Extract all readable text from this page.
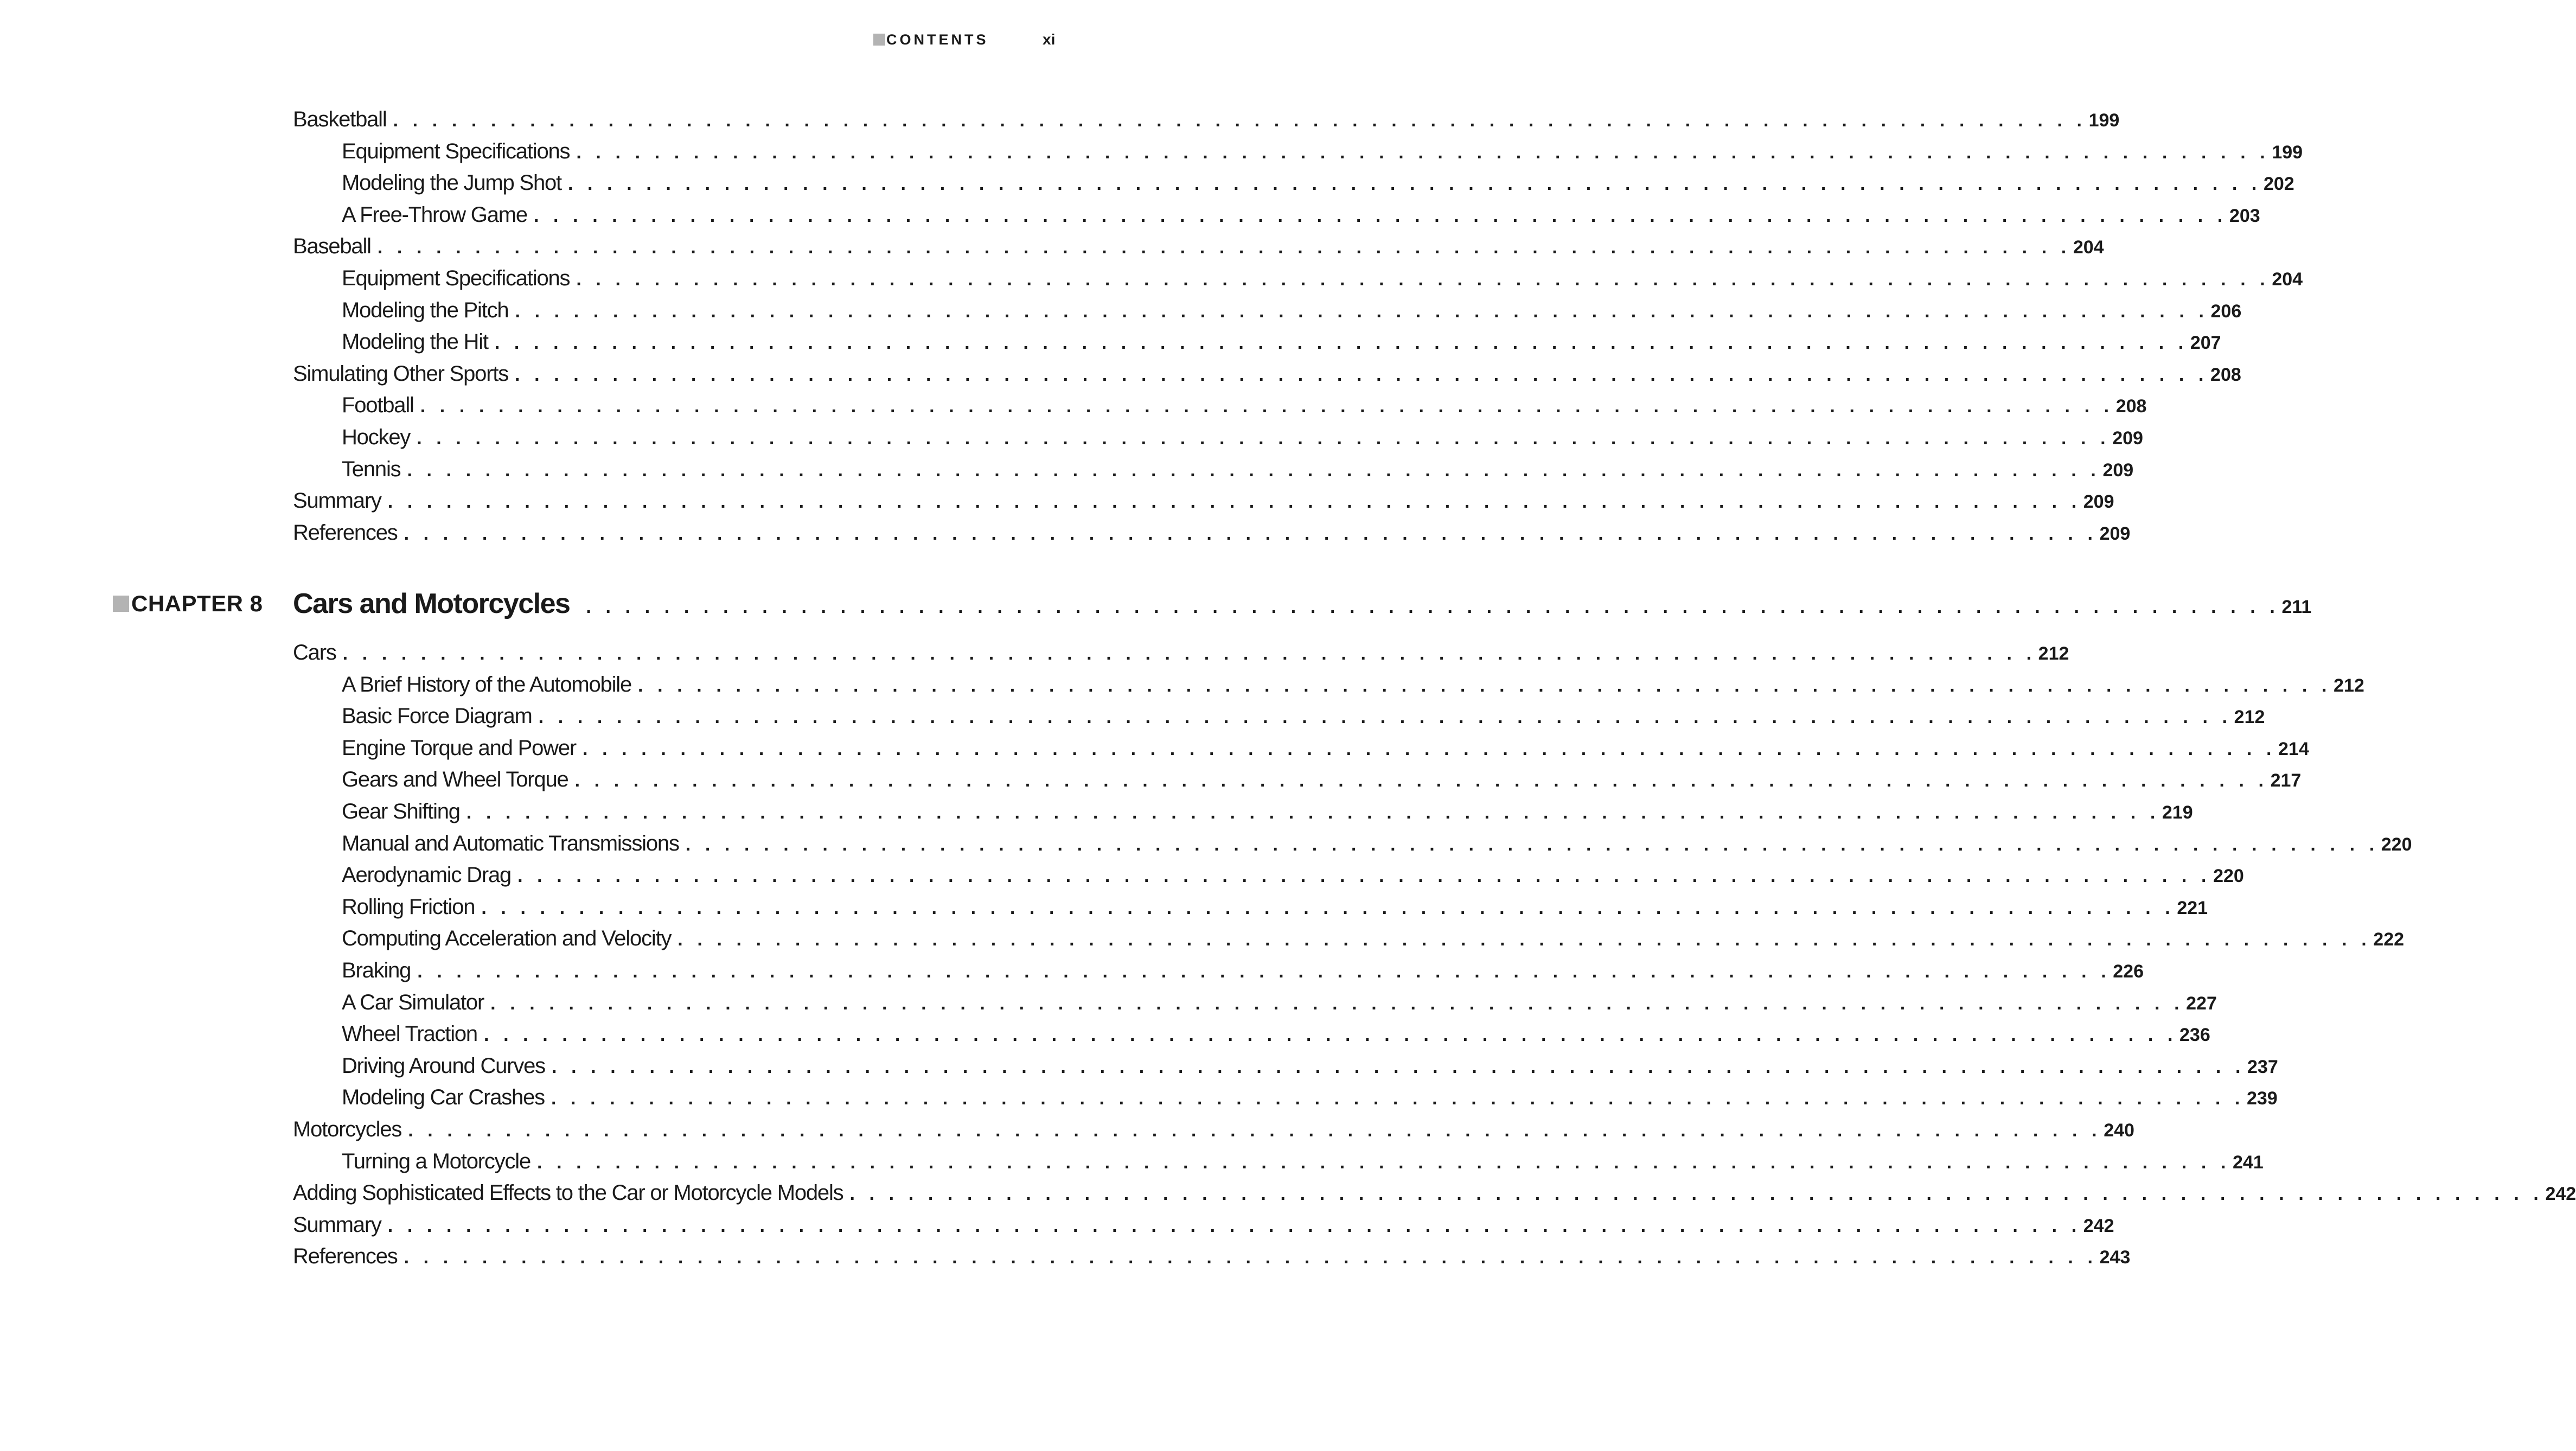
CONTENTS	xi
CHAPTER 8 Cars and Motorcycles . . . . . . . . . . . . . . . . . . . . . . . . . . . . . . . . . . . . . . . . . . . . . . . . . . . . . . . . . . . . . . . . . . . . . . . . . . . . . . . . . . . . . . . 211
Basketball . . . . . . . . . . . . . . . . . . . . . . . . . . . . . . . . . . . . . . . . . . . . . . . . . . . . . . . . . . . . . . . . . . . . . . . . . . . . . . . . . . . . . . . 199
Equipment Specifications . . . . . . . . . . . . . . . . . . . . . . . . . . . . . . . . . . . . . . . . . . . . . . . . . . . . . . . . . . . . . . . . . . . . . . . . . . . . . . . . . . . . . . . 199
Modeling the Jump Shot . . . . . . . . . . . . . . . . . . . . . . . . . . . . . . . . . . . . . . . . . . . . . . . . . . . . . . . . . . . . . . . . . . . . . . . . . . . . . . . . . . . . . . . 202
A Free-Throw Game . . . . . . . . . . . . . . . . . . . . . . . . . . . . . . . . . . . . . . . . . . . . . . . . . . . . . . . . . . . . . . . . . . . . . . . . . . . . . . . . . . . . . . . 203
Baseball . . . . . . . . . . . . . . . . . . . . . . . . . . . . . . . . . . . . . . . . . . . . . . . . . . . . . . . . . . . . . . . . . . . . . . . . . . . . . . . . . . . . . . . 204
Equipment Specifications . . . . . . . . . . . . . . . . . . . . . . . . . . . . . . . . . . . . . . . . . . . . . . . . . . . . . . . . . . . . . . . . . . . . . . . . . . . . . . . . . . . . . . . 204
Modeling the Pitch . . . . . . . . . . . . . . . . . . . . . . . . . . . . . . . . . . . . . . . . . . . . . . . . . . . . . . . . . . . . . . . . . . . . . . . . . . . . . . . . . . . . . . . 206
Modeling the Hit . . . . . . . . . . . . . . . . . . . . . . . . . . . . . . . . . . . . . . . . . . . . . . . . . . . . . . . . . . . . . . . . . . . . . . . . . . . . . . . . . . . . . . . 207
Simulating Other Sports . . . . . . . . . . . . . . . . . . . . . . . . . . . . . . . . . . . . . . . . . . . . . . . . . . . . . . . . . . . . . . . . . . . . . . . . . . . . . . . . . . . . . . . 208
Football . . . . . . . . . . . . . . . . . . . . . . . . . . . . . . . . . . . . . . . . . . . . . . . . . . . . . . . . . . . . . . . . . . . . . . . . . . . . . . . . . . . . . . . 208
Hockey . . . . . . . . . . . . . . . . . . . . . . . . . . . . . . . . . . . . . . . . . . . . . . . . . . . . . . . . . . . . . . . . . . . . . . . . . . . . . . . . . . . . . . . 209
Tennis . . . . . . . . . . . . . . . . . . . . . . . . . . . . . . . . . . . . . . . . . . . . . . . . . . . . . . . . . . . . . . . . . . . . . . . . . . . . . . . . . . . . . . . 209
Summary . . . . . . . . . . . . . . . . . . . . . . . . . . . . . . . . . . . . . . . . . . . . . . . . . . . . . . . . . . . . . . . . . . . . . . . . . . . . . . . . . . . . . . . 209
References . . . . . . . . . . . . . . . . . . . . . . . . . . . . . . . . . . . . . . . . . . . . . . . . . . . . . . . . . . . . . . . . . . . . . . . . . . . . . . . . . . . . . . . 209
Cars . . . . . . . . . . . . . . . . . . . . . . . . . . . . . . . . . . . . . . . . . . . . . . . . . . . . . . . . . . . . . . . . . . . . . . . . . . . . . . . . . . . . . . . 212
A Brief History of the Automobile . . . . . . . . . . . . . . . . . . . . . . . . . . . . . . . . . . . . . . . . . . . . . . . . . . . . . . . . . . . . . . . . . . . . . . . . . . . . . . . . . . . . . . . 212
Basic Force Diagram . . . . . . . . . . . . . . . . . . . . . . . . . . . . . . . . . . . . . . . . . . . . . . . . . . . . . . . . . . . . . . . . . . . . . . . . . . . . . . . . . . . . . . . 212
Engine Torque and Power . . . . . . . . . . . . . . . . . . . . . . . . . . . . . . . . . . . . . . . . . . . . . . . . . . . . . . . . . . . . . . . . . . . . . . . . . . . . . . . . . . . . . . . 214
Gears and Wheel Torque . . . . . . . . . . . . . . . . . . . . . . . . . . . . . . . . . . . . . . . . . . . . . . . . . . . . . . . . . . . . . . . . . . . . . . . . . . . . . . . . . . . . . . . 217
Gear Shifting . . . . . . . . . . . . . . . . . . . . . . . . . . . . . . . . . . . . . . . . . . . . . . . . . . . . . . . . . . . . . . . . . . . . . . . . . . . . . . . . . . . . . . . 219
Manual and Automatic Transmissions . . . . . . . . . . . . . . . . . . . . . . . . . . . . . . . . . . . . . . . . . . . . . . . . . . . . . . . . . . . . . . . . . . . . . . . . . . . . . . . . . . . . . . . 220
Aerodynamic Drag . . . . . . . . . . . . . . . . . . . . . . . . . . . . . . . . . . . . . . . . . . . . . . . . . . . . . . . . . . . . . . . . . . . . . . . . . . . . . . . . . . . . . . . 220
Rolling Friction . . . . . . . . . . . . . . . . . . . . . . . . . . . . . . . . . . . . . . . . . . . . . . . . . . . . . . . . . . . . . . . . . . . . . . . . . . . . . . . . . . . . . . . 221
Computing Acceleration and Velocity . . . . . . . . . . . . . . . . . . . . . . . . . . . . . . . . . . . . . . . . . . . . . . . . . . . . . . . . . . . . . . . . . . . . . . . . . . . . . . . . . . . . . . . 222
Braking . . . . . . . . . . . . . . . . . . . . . . . . . . . . . . . . . . . . . . . . . . . . . . . . . . . . . . . . . . . . . . . . . . . . . . . . . . . . . . . . . . . . . . . 226
A Car Simulator . . . . . . . . . . . . . . . . . . . . . . . . . . . . . . . . . . . . . . . . . . . . . . . . . . . . . . . . . . . . . . . . . . . . . . . . . . . . . . . . . . . . . . . 227
Wheel Traction . . . . . . . . . . . . . . . . . . . . . . . . . . . . . . . . . . . . . . . . . . . . . . . . . . . . . . . . . . . . . . . . . . . . . . . . . . . . . . . . . . . . . . . 236
Driving Around Curves . . . . . . . . . . . . . . . . . . . . . . . . . . . . . . . . . . . . . . . . . . . . . . . . . . . . . . . . . . . . . . . . . . . . . . . . . . . . . . . . . . . . . . . 237
Modeling Car Crashes . . . . . . . . . . . . . . . . . . . . . . . . . . . . . . . . . . . . . . . . . . . . . . . . . . . . . . . . . . . . . . . . . . . . . . . . . . . . . . . . . . . . . . . 239
Motorcycles . . . . . . . . . . . . . . . . . . . . . . . . . . . . . . . . . . . . . . . . . . . . . . . . . . . . . . . . . . . . . . . . . . . . . . . . . . . . . . . . . . . . . . . 240
Turning a Motorcycle . . . . . . . . . . . . . . . . . . . . . . . . . . . . . . . . . . . . . . . . . . . . . . . . . . . . . . . . . . . . . . . . . . . . . . . . . . . . . . . . . . . . . . . 241
Adding Sophisticated Effects to the Car or Motorcycle Models . . . . . . . . . . . . . . . . . . . . . . . . . . . . . . . . . . . . . . . . . . . . . . . . . . . . . . . . . . . . . . . . . . . . . . . . . . . . . . . . . . . . . . . 242
Summary . . . . . . . . . . . . . . . . . . . . . . . . . . . . . . . . . . . . . . . . . . . . . . . . . . . . . . . . . . . . . . . . . . . . . . . . . . . . . . . . . . . . . . . 242
References . . . . . . . . . . . . . . . . . . . . . . . . . . . . . . . . . . . . . . . . . . . . . . . . . . . . . . . . . . . . . . . . . . . . . . . . . . . . . . . . . . . . . . . 243
